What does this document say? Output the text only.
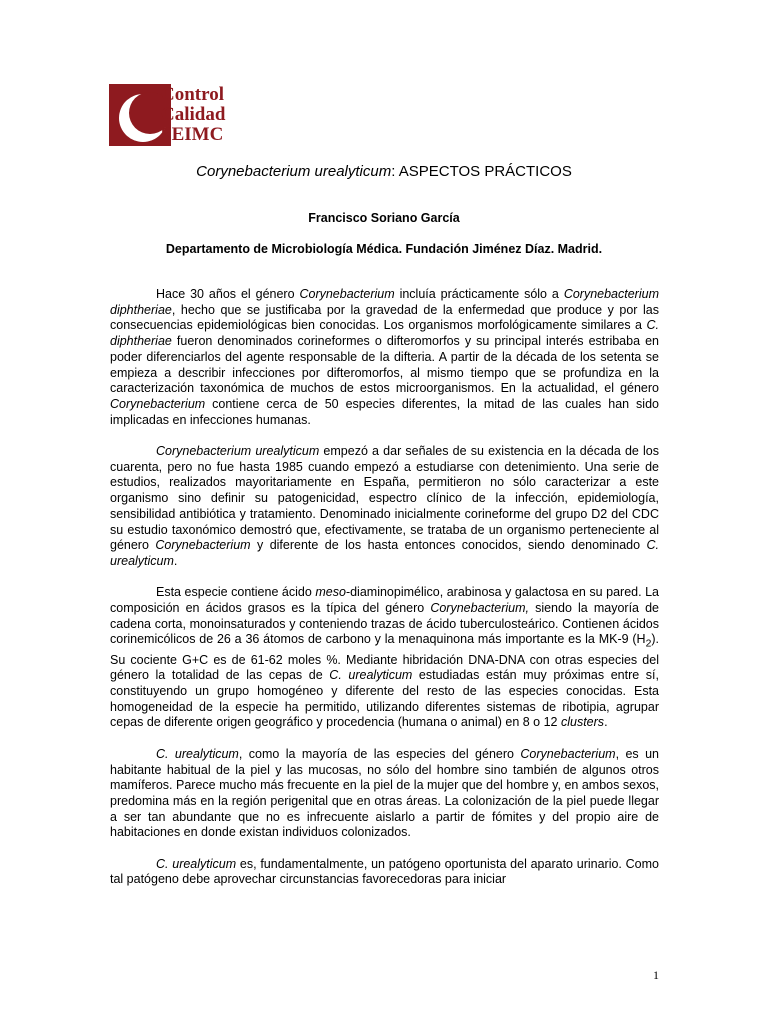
Control
Calidad
SEIMC
Corynebacterium urealyticum: ASPECTOS PRÁCTICOS
Francisco Soriano García
Departamento de Microbiología Médica. Fundación Jiménez Díaz. Madrid.

Hace 30 años el género Corynebacterium incluía prácticamente sólo a Corynebacterium diphtheriae, hecho que se justificaba por la gravedad de la enfermedad que produce y por las consecuencias epidemiológicas bien conocidas. Los organismos morfológicamente similares a C. diphtheriae fueron denominados corineformes o difteromorfos y su principal interés estribaba en poder diferenciarlos del agente responsable de la difteria. A partir de la década de los setenta se empieza a describir infecciones por difteromorfos, al mismo tiempo que se profundiza en la caracterización taxonómica de muchos de estos microorganismos. En la actualidad, el género Corynebacterium contiene cerca de 50 especies diferentes, la mitad de las cuales han sido implicadas en infecciones humanas.

Corynebacterium urealyticum empezó a dar señales de su existencia en la década de los cuarenta, pero no fue hasta 1985 cuando empezó a estudiarse con detenimiento. Una serie de estudios, realizados mayoritariamente en España, permitieron no sólo caracterizar a este organismo sino definir su patogenicidad, espectro clínico de la infección, epidemiología, sensibilidad antibiótica y tratamiento. Denominado inicialmente corineforme del grupo D2 del CDC su estudio taxonómico demostró que, efectivamente, se trataba de un organismo perteneciente al género Corynebacterium y diferente de los hasta entonces conocidos, siendo denominado C. urealyticum.

Esta especie contiene ácido meso-diaminopimélico, arabinosa y galactosa en su pared. La composición en ácidos grasos es la típica del género Corynebacterium, siendo la mayoría de cadena corta, monoinsaturados y conteniendo trazas de ácido tuberculosteárico. Contienen ácidos corinemicólicos de 26 a 36 átomos de carbono y la menaquinona más importante es la MK-9 $(H_2)$. Su cociente G+C es de 61-62 moles %. Mediante hibridación DNA-DNA con otras especies del género la totalidad de las cepas de C. urealyticum estudiadas están muy próximas entre sí, constituyendo un grupo homogéneo y diferente del resto de las especies conocidas. Esta homogeneidad de la especie ha permitido, utilizando diferentes sistemas de ribotipia, agrupar cepas de diferente origen geográfico y procedencia (humana o animal) en 8 o 12 clusters.

C. urealyticum, como la mayoría de las especies del género Corynebacterium, es un habitante habitual de la piel y las mucosas, no sólo del hombre sino también de algunos otros mamíferos. Parece mucho más frecuente en la piel de la mujer que del hombre y, en ambos sexos, predomina más en la región perigenital que en otras áreas. La colonización de la piel puede llegar a ser tan abundante que no es infrecuente aislarlo a partir de fómites y del propio aire de habitaciones en donde existan individuos colonizados.

C. urealyticum es, fundamentalmente, un patógeno oportunista del aparato urinario. Como tal patógeno debe aprovechar circunstancias favorecedoras para iniciar

1
